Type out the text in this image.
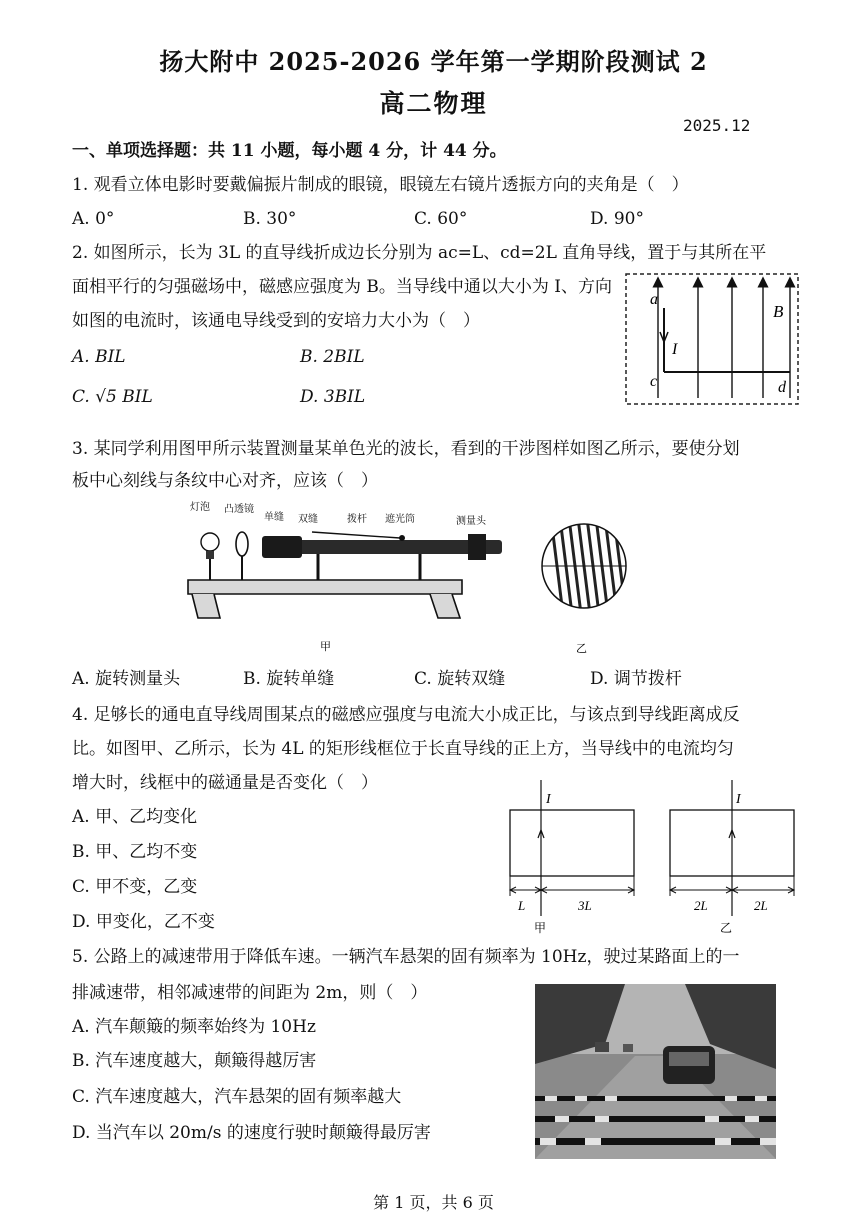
扬大附中 2025-2026 学年第一学期阶段测试 2
高二物理
2025.12
一、单项选择题：共 11 小题，每小题 4 分，计 44 分。
1. 观看立体电影时要戴偏振片制成的眼镜，眼镜左右镜片透振方向的夹角是（　）
A. 0°	B. 30°	C. 60°	D. 90°
2. 如图所示，长为 3L 的直导线折成边长分别为 ac=L、cd=2L 直角导线，置于与其所在平
面相平行的匀强磁场中，磁感应强度为 B。当导线中通以大小为 I、方向
如图的电流时，该通电导线受到的安培力大小为（　）
A. BIL	B. 2BIL
C. √5 BIL	D. 3BIL
a
c	d
B
I
3. 某同学利用图甲所示装置测量某单色光的波长，看到的干涉图样如图乙所示，要使分划
板中心刻线与条纹中心对齐，应该（　）
灯泡 凸透镜
单缝 双缝	拨杆 遮光筒	测量头
甲	乙
A. 旋转测量头	B. 旋转单缝	C. 旋转双缝	D. 调节拨杆
4. 足够长的通电直导线周围某点的磁感应强度与电流大小成正比，与该点到导线距离成反
比。如图甲、乙所示，长为 4L 的矩形线框位于长直导线的正上方，当导线中的电流均匀
增大时，线框中的磁通量是否变化（　）
A. 甲、乙均变化
B. 甲、乙均不变
C. 甲不变，乙变
D. 甲变化，乙不变
I
L	3L
甲
I
2L	2L
乙
5. 公路上的减速带用于降低车速。一辆汽车悬架的固有频率为 10Hz，驶过某路面上的一
排减速带，相邻减速带的间距为 2m，则（　）
A. 汽车颠簸的频率始终为 10Hz
B. 汽车速度越大，颠簸得越厉害
C. 汽车速度越大，汽车悬架的固有频率越大
D. 当汽车以 20m/s 的速度行驶时颠簸得最厉害
第 1 页，共 6 页
